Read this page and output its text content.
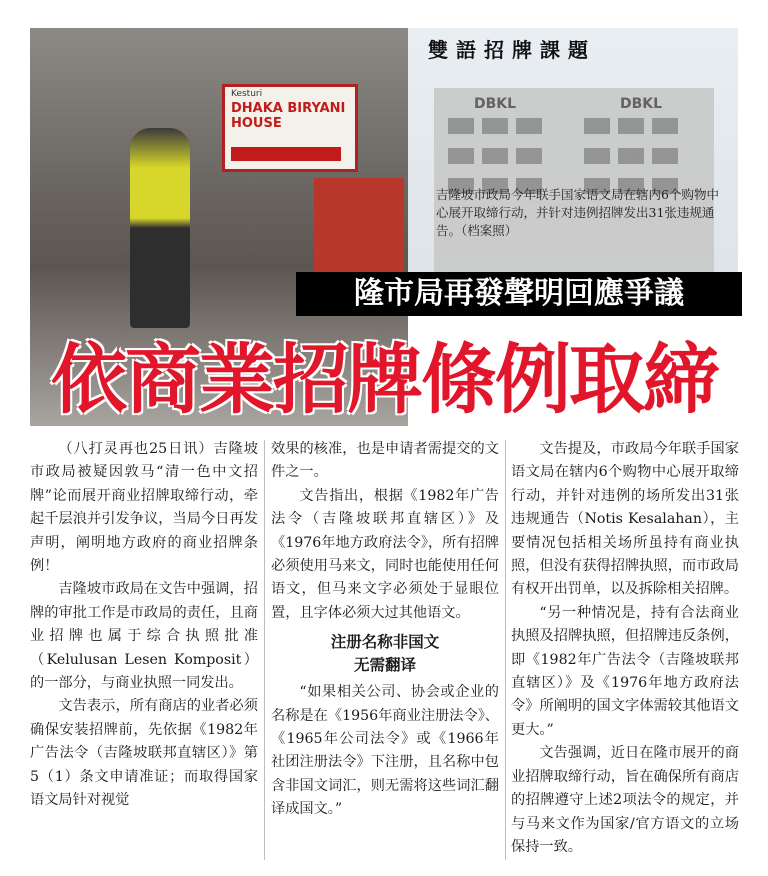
Kesturi
DHAKA BIRYANI HOUSE
DBKL	DBKL
雙語招牌課題
吉隆坡市政局今年联手国家语文局在辖内6个购物中心展开取缔行动，并针对违例招牌发出31张违规通告。（档案照）
隆市局再發聲明回應爭議
依商業招牌條例取締

（八打灵再也25日讯）吉隆坡市政局被疑因敦马“清一色中文招牌”论而展开商业招牌取缔行动，牵起千层浪并引发争议，当局今日再发声明，阐明地方政府的商业招牌条例！

吉隆坡市政局在文告中强调，招牌的审批工作是市政局的责任，且商业招牌也属于综合执照批准（Kelulusan Lesen Komposit）的一部分，与商业执照一同发出。

文告表示，所有商店的业者必须确保安装招牌前，先依据《1982年广告法令（吉隆坡联邦直辖区）》第5（1）条文申请准证；而取得国家语文局针对视觉

效果的核准，也是申请者需提交的文件之一。

文告指出，根据《1982年广告法令（吉隆坡联邦直辖区）》及《1976年地方政府法令》，所有招牌必须使用马来文，同时也能使用任何语文，但马来文字必须处于显眼位置，且字体必须大过其他语文。

注册名称非国文
无需翻译

“如果相关公司、协会或企业的名称是在《1956年商业注册法令》、《1965年公司法令》或《1966年社团注册法令》下注册，且名称中包含非国文词汇，则无需将这些词汇翻译成国文。”

文告提及，市政局今年联手国家语文局在辖内6个购物中心展开取缔行动，并针对违例的场所发出31张违规通告（Notis Kesalahan），主要情况包括相关场所虽持有商业执照，但没有获得招牌执照，而市政局有权开出罚单，以及拆除相关招牌。

“另一种情况是，持有合法商业执照及招牌执照，但招牌违反条例，即《1982年广告法令（吉隆坡联邦直辖区）》及《1976年地方政府法令》所阐明的国文字体需较其他语文更大。”

文告强调，近日在隆市展开的商业招牌取缔行动，旨在确保所有商店的招牌遵守上述2项法令的规定，并与马来文作为国家/官方语文的立场保持一致。
